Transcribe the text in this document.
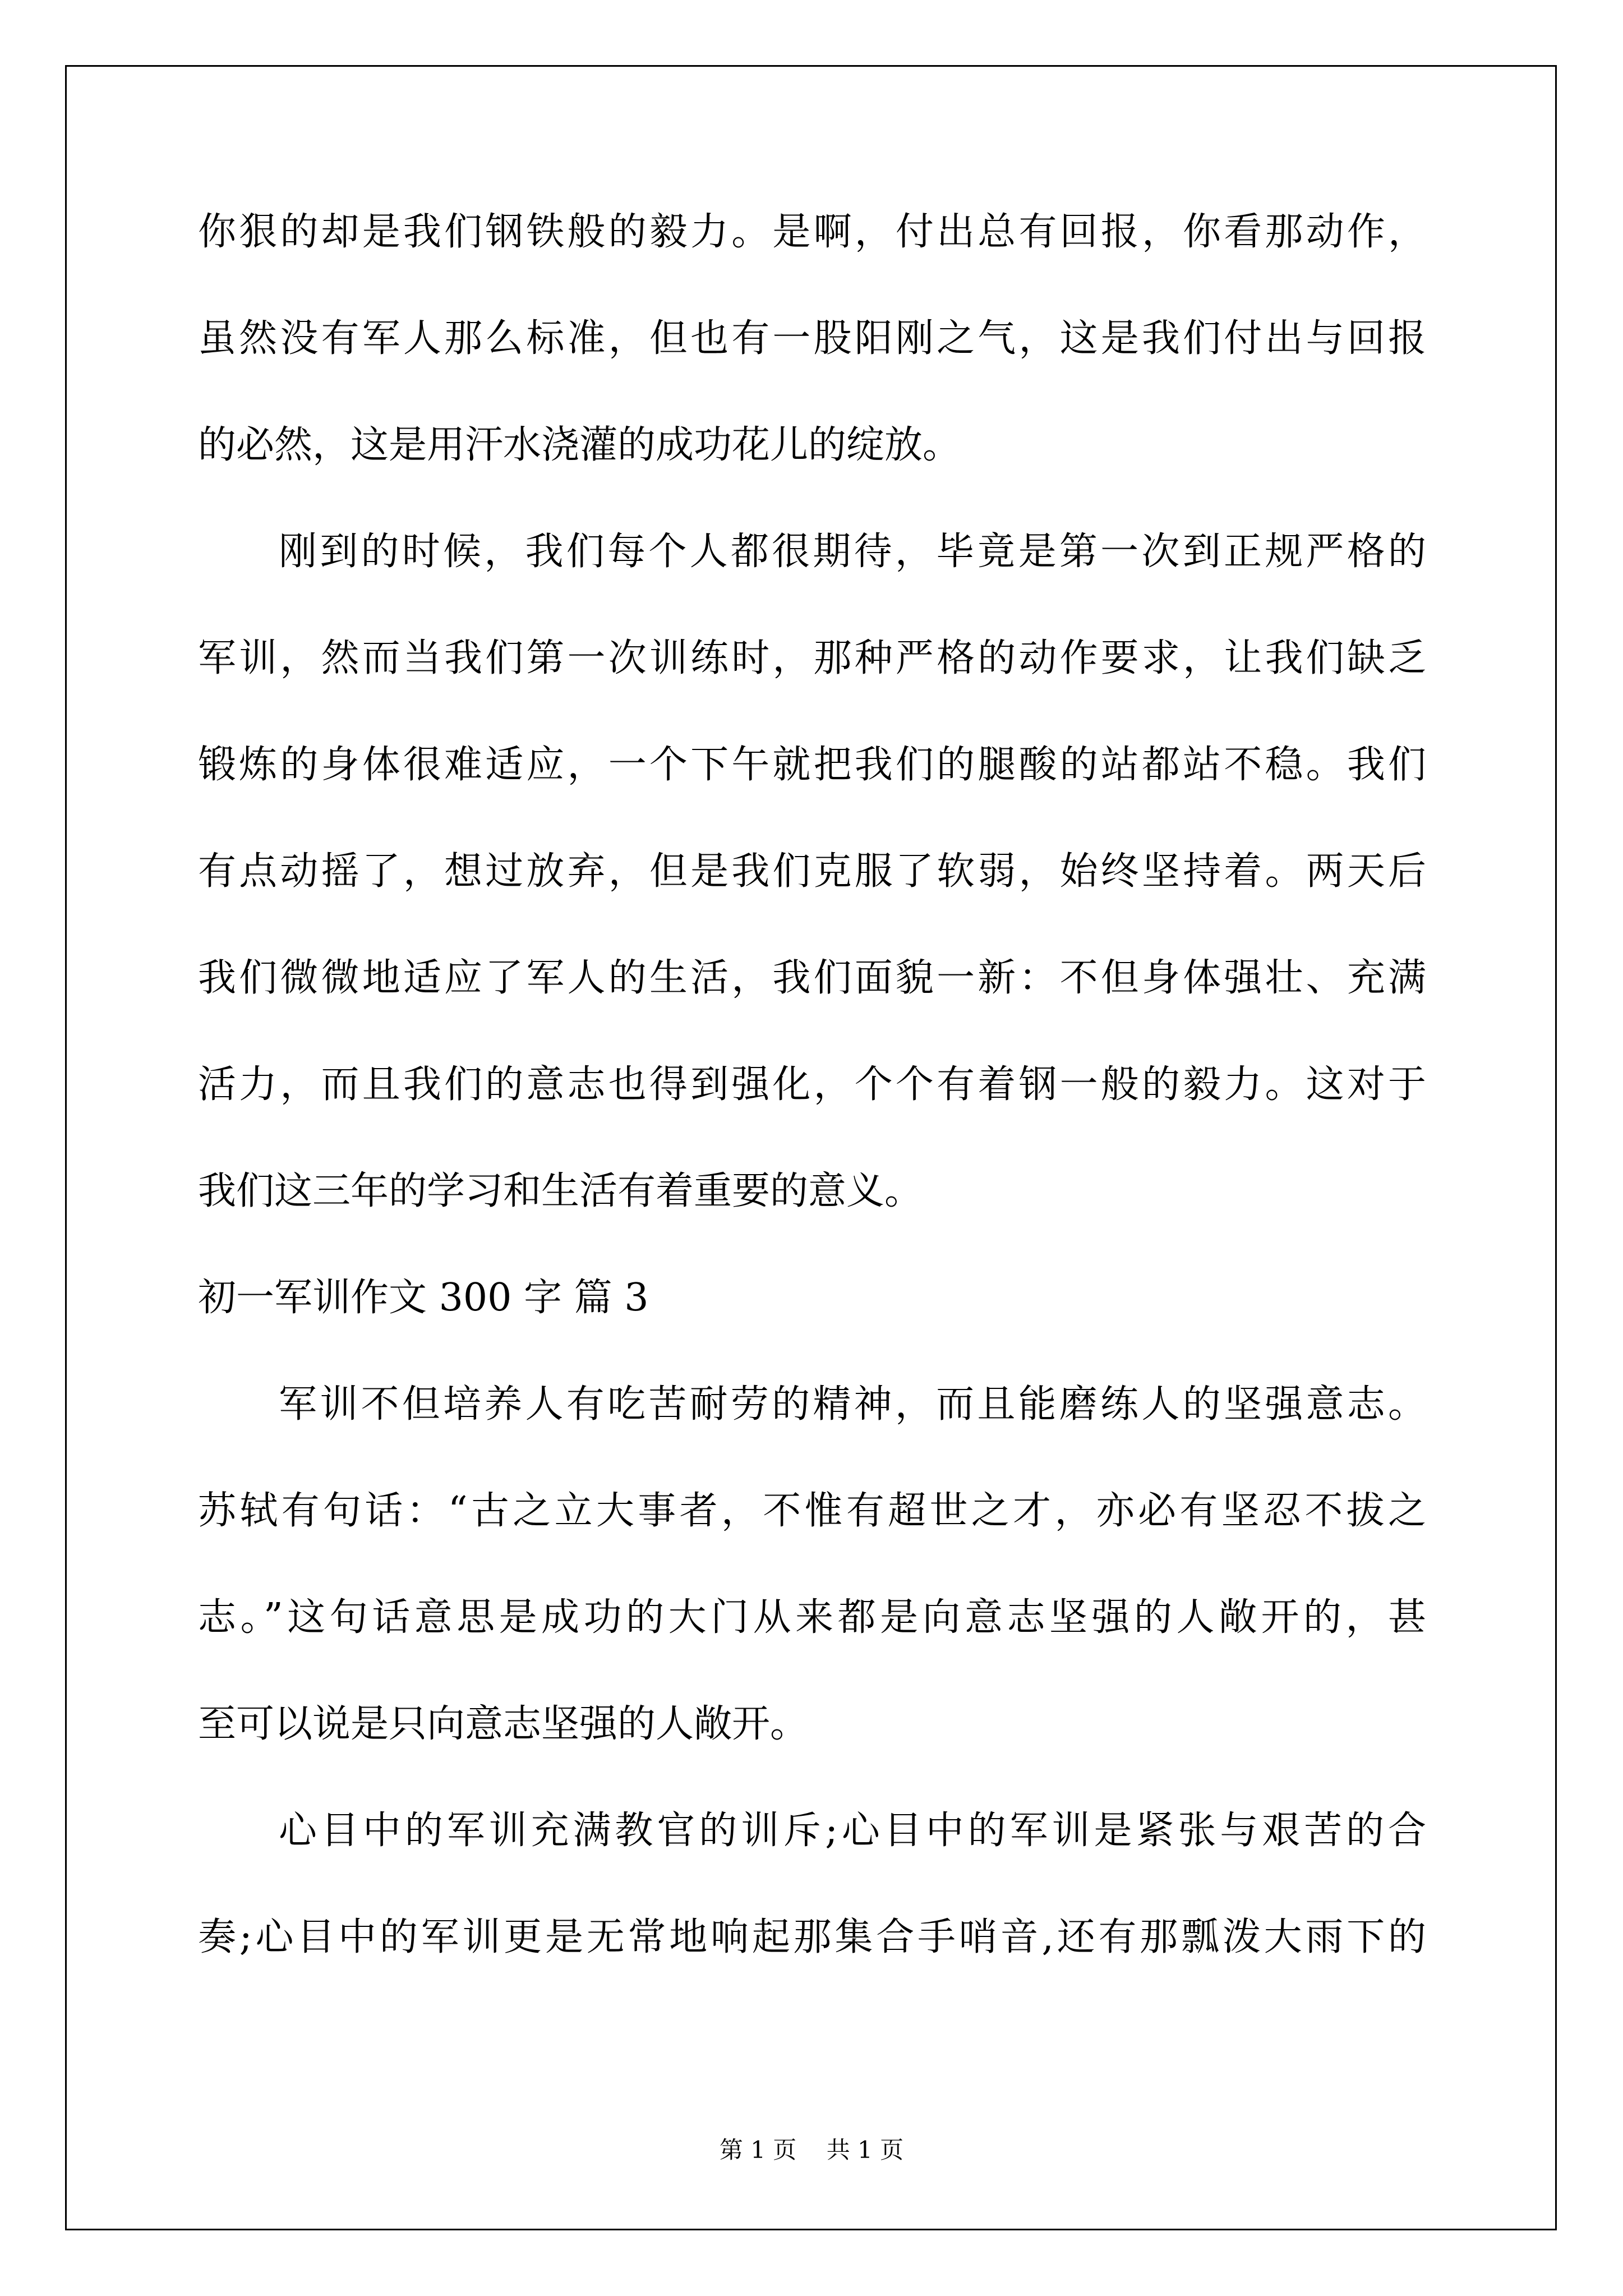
你狠的却是我们钢铁般的毅力。是啊，付出总有回报，你看那动作，
虽然没有军人那么标准，但也有一股阳刚之气，这是我们付出与回报
的必然，这是用汗水浇灌的成功花儿的绽放。
刚到的时候，我们每个人都很期待，毕竟是第一次到正规严格的
军训，然而当我们第一次训练时，那种严格的动作要求，让我们缺乏
锻炼的身体很难适应，一个下午就把我们的腿酸的站都站不稳。我们
有点动摇了，想过放弃，但是我们克服了软弱，始终坚持着。两天后
我们微微地适应了军人的生活，我们面貌一新：不但身体强壮、充满
活力，而且我们的意志也得到强化，个个有着钢一般的毅力。这对于
我们这三年的学习和生活有着重要的意义。
初一军训作文 300 字 篇 3
军训不但培养人有吃苦耐劳的精神，而且能磨练人的坚强意志。
苏轼有句话：“古之立大事者，不惟有超世之才，亦必有坚忍不拔之
志。”这句话意思是成功的大门从来都是向意志坚强的人敞开的，甚
至可以说是只向意志坚强的人敞开。
心目中的军训充满教官的训斥;心目中的军训是紧张与艰苦的合
奏;心目中的军训更是无常地响起那集合手哨音,还有那瓢泼大雨下的
第 1 页    共 1 页
